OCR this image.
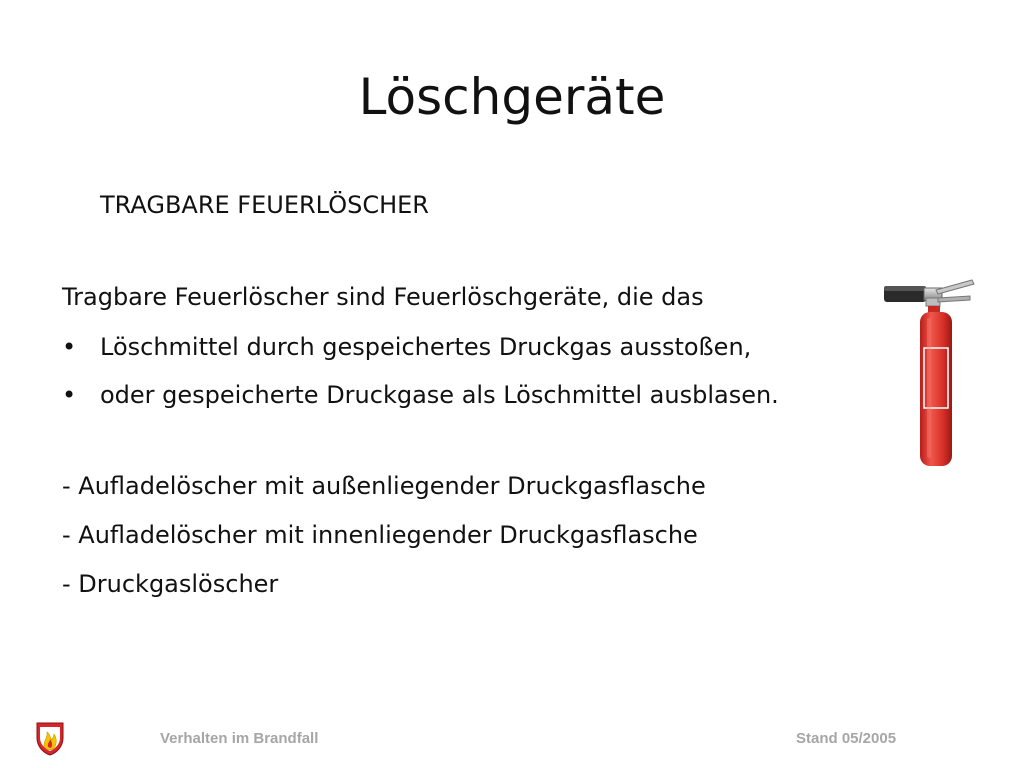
Löschgeräte
TRAGBARE FEUERLÖSCHER
Tragbare Feuerlöscher sind Feuerlöschgeräte, die das
• Löschmittel durch gespeichertes Druckgas ausstoßen,
• oder gespeicherte Druckgase als Löschmittel ausblasen.
- Aufladelöscher mit außenliegender Druckgasflasche
- Aufladelöscher mit innenliegender Druckgasflasche
- Druckgaslöscher
Verhalten im Brandfall	Stand 05/2005
